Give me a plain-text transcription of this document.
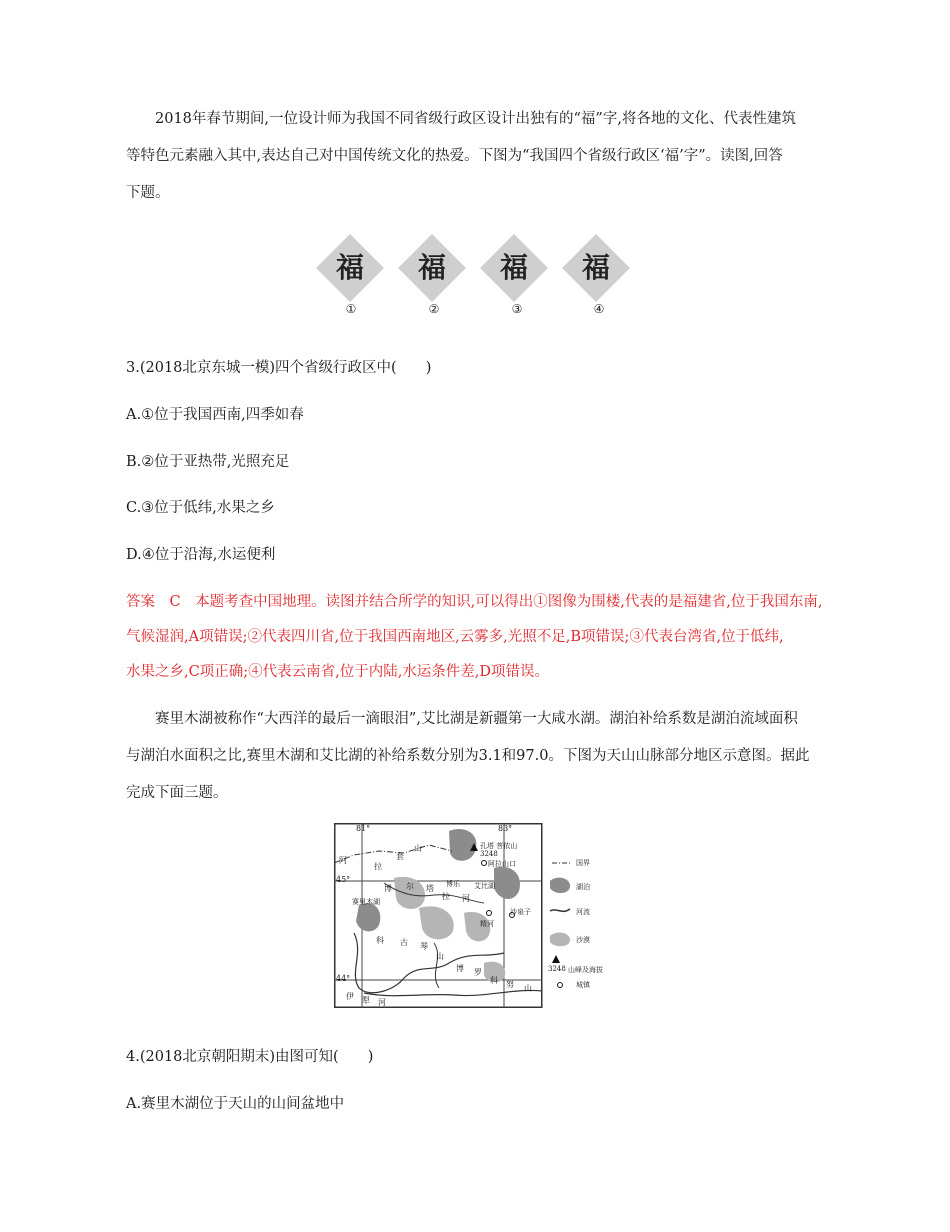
2018年春节期间,一位设计师为我国不同省级行政区设计出独有的“福”字,将各地的文化、代表性建筑
等特色元素融入其中,表达自己对中国传统文化的热爱。下图为“我国四个省级行政区‘福’字”。读图,回答
下题。
福	福	福	福
①	②	③	④
3.(2018北京东城一模)四个省级行政区中(　　)
A.①位于我国西南,四季如春
B.②位于亚热带,光照充足
C.③位于低纬,水果之乡
D.④位于沿海,水运便利
答案　C　本题考查中国地理。读图并结合所学的知识,可以得出①图像为围楼,代表的是福建省,位于我国东南,
气候湿润,A项错误;②代表四川省,位于我国西南地区,云雾多,光照不足,B项错误;③代表台湾省,位于低纬,
水果之乡,C项正确;④代表云南省,位于内陆,水运条件差,D项错误。
赛里木湖被称作“大西洋的最后一滴眼泪”,艾比湖是新疆第一大咸水湖。湖泊补给系数是湖泊流域面积
与湖泊水面积之比,赛里木湖和艾比湖的补给系数分别为3.1和97.0。下图为天山山脉部分地区示意图。据此
完成下面三题。
81°	83°
45°
44°
孔塔 菩依山
3248
阿拉山口
阿
拉
套
山
博 尔 塔
拉
博乐
河
艾比湖
赛里木湖
精河
沙泉子
科 古 琴
山
博 罗
科 努 山
伊 犁 河
国界
湖泊
河流
沙漠
3248 山峰及海拔
城镇
4.(2018北京朝阳期末)由图可知(　　)
A.赛里木湖位于天山的山间盆地中
